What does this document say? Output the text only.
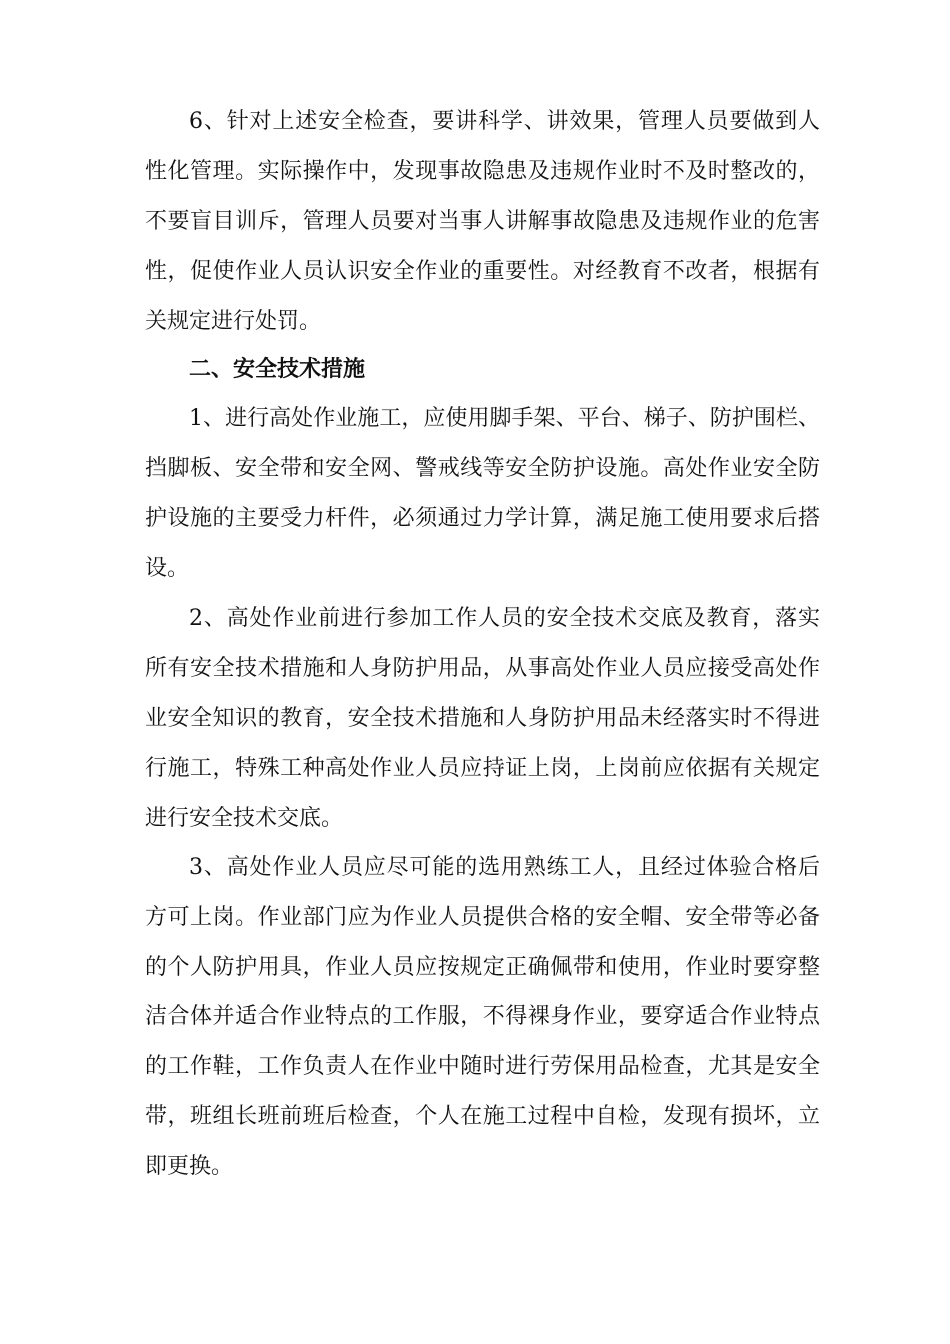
6、针对上述安全检查，要讲科学、讲效果，管理人员要做到人
性化管理。实际操作中，发现事故隐患及违规作业时不及时整改的，
不要盲目训斥，管理人员要对当事人讲解事故隐患及违规作业的危害
性，促使作业人员认识安全作业的重要性。对经教育不改者，根据有
关规定进行处罚。
二、安全技术措施
1、进行高处作业施工，应使用脚手架、平台、梯子、防护围栏、
挡脚板、安全带和安全网、警戒线等安全防护设施。高处作业安全防
护设施的主要受力杆件，必须通过力学计算，满足施工使用要求后搭
设。
2、高处作业前进行参加工作人员的安全技术交底及教育，落实
所有安全技术措施和人身防护用品，从事高处作业人员应接受高处作
业安全知识的教育，安全技术措施和人身防护用品未经落实时不得进
行施工，特殊工种高处作业人员应持证上岗，上岗前应依据有关规定
进行安全技术交底。
3、高处作业人员应尽可能的选用熟练工人，且经过体验合格后
方可上岗。作业部门应为作业人员提供合格的安全帽、安全带等必备
的个人防护用具，作业人员应按规定正确佩带和使用，作业时要穿整
洁合体并适合作业特点的工作服，不得裸身作业，要穿适合作业特点
的工作鞋，工作负责人在作业中随时进行劳保用品检查，尤其是安全
带，班组长班前班后检查，个人在施工过程中自检，发现有损坏，立
即更换。
